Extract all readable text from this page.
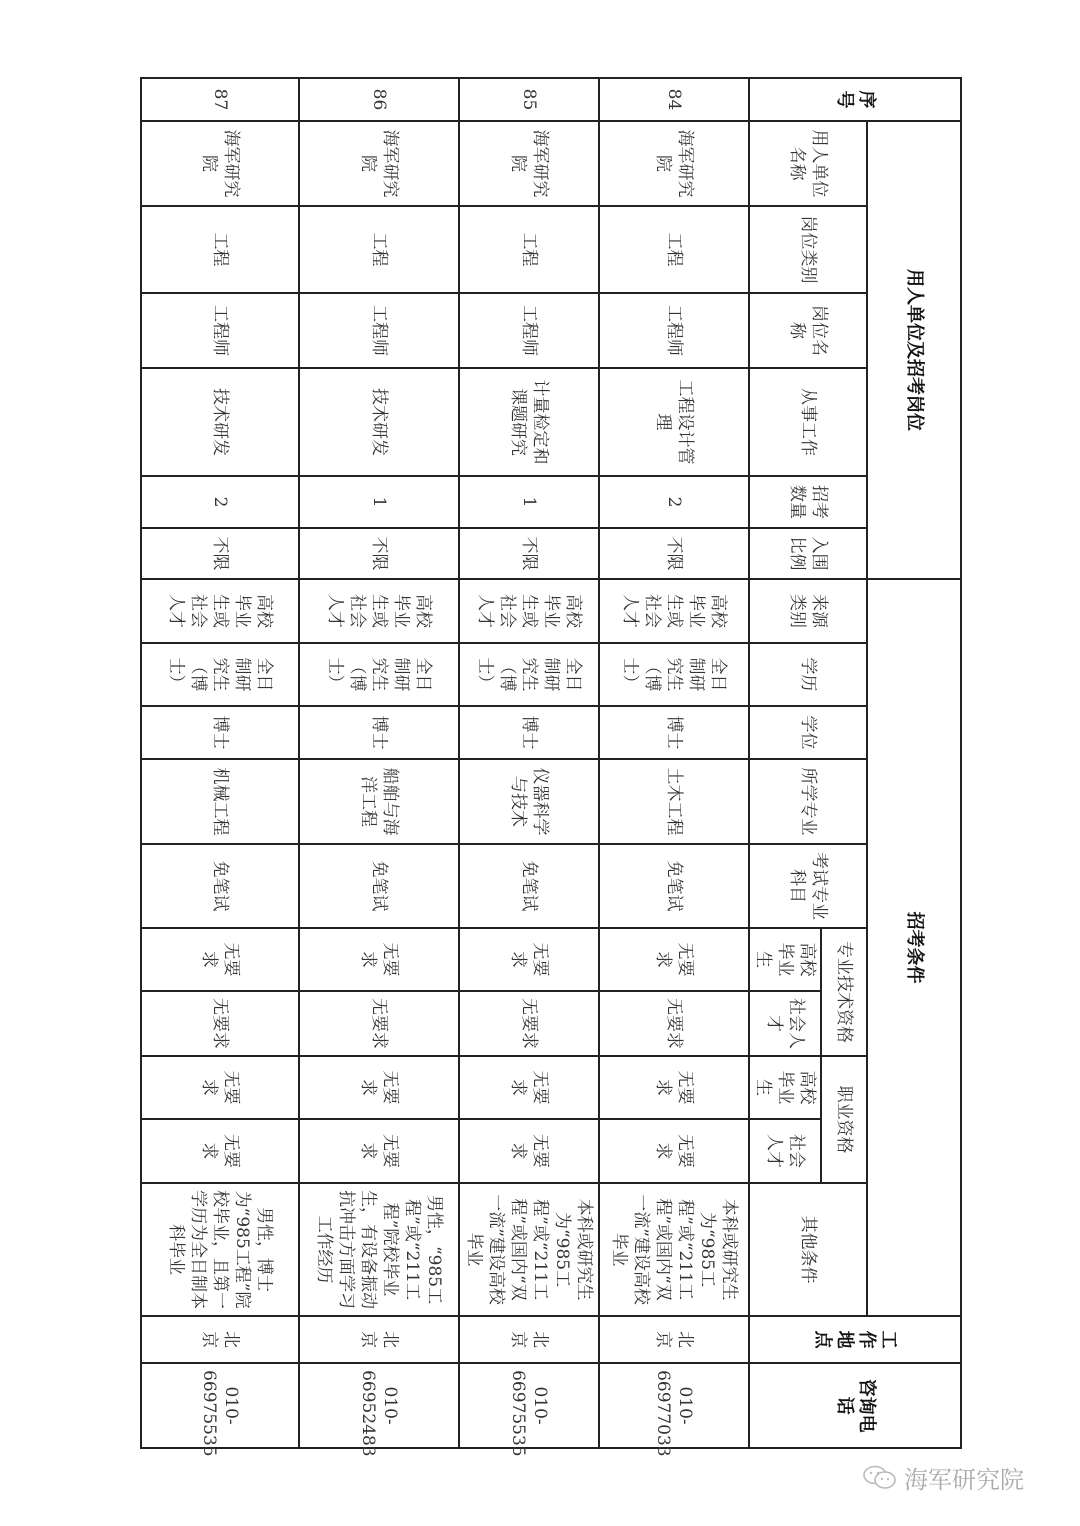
序号	用人单位及招考岗位						招考条件										工作地点	咨询电话
	用人单位名称	岗位类别	岗位名称	从事工作	招考数量	入围比例	来源类别	学历	学位	所学专业	考试专业科目	专业技术资格		职业资格		其他条件		
												高校毕业生	社会人才	高校毕业生	社会人才			
84	海军研究院	工程	工程师	工程设计管理	2	不限	高校毕业生或社会人才	全日制研究生（博士）	博士	土木工程	免笔试	无要求	无要求	无要求	无要求	本科或研究生为“985工程”或“211工程”或国内“双一流”建设高校毕业	北京	010-66977033
85	海军研究院	工程	工程师	计量检定和课题研究	1	不限	高校毕业生或社会人才	全日制研究生（博士）	博士	仪器科学与技术	免笔试	无要求	无要求	无要求	无要求	本科或研究生为“985工程”或“211工程”或国内“双一流”建设高校毕业	北京	010-66975535
86	海军研究院	工程	工程师	技术研发	1	不限	高校毕业生或社会人才	全日制研究生（博士）	博士	船舶与海洋工程	免笔试	无要求	无要求	无要求	无要求	男性，“985工程”或“211工程”院校毕业生，有设备振动抗冲击方面学习工作经历	北京	010-66952483
87	海军研究院	工程	工程师	技术研发	2	不限	高校毕业生或社会人才	全日制研究生（博士）	博士	机械工程	免笔试	无要求	无要求	无要求	无要求	男性，博士为“985工程”院校毕业，且第一学历为全日制本科毕业	北京	010-66975535
海军研究院
